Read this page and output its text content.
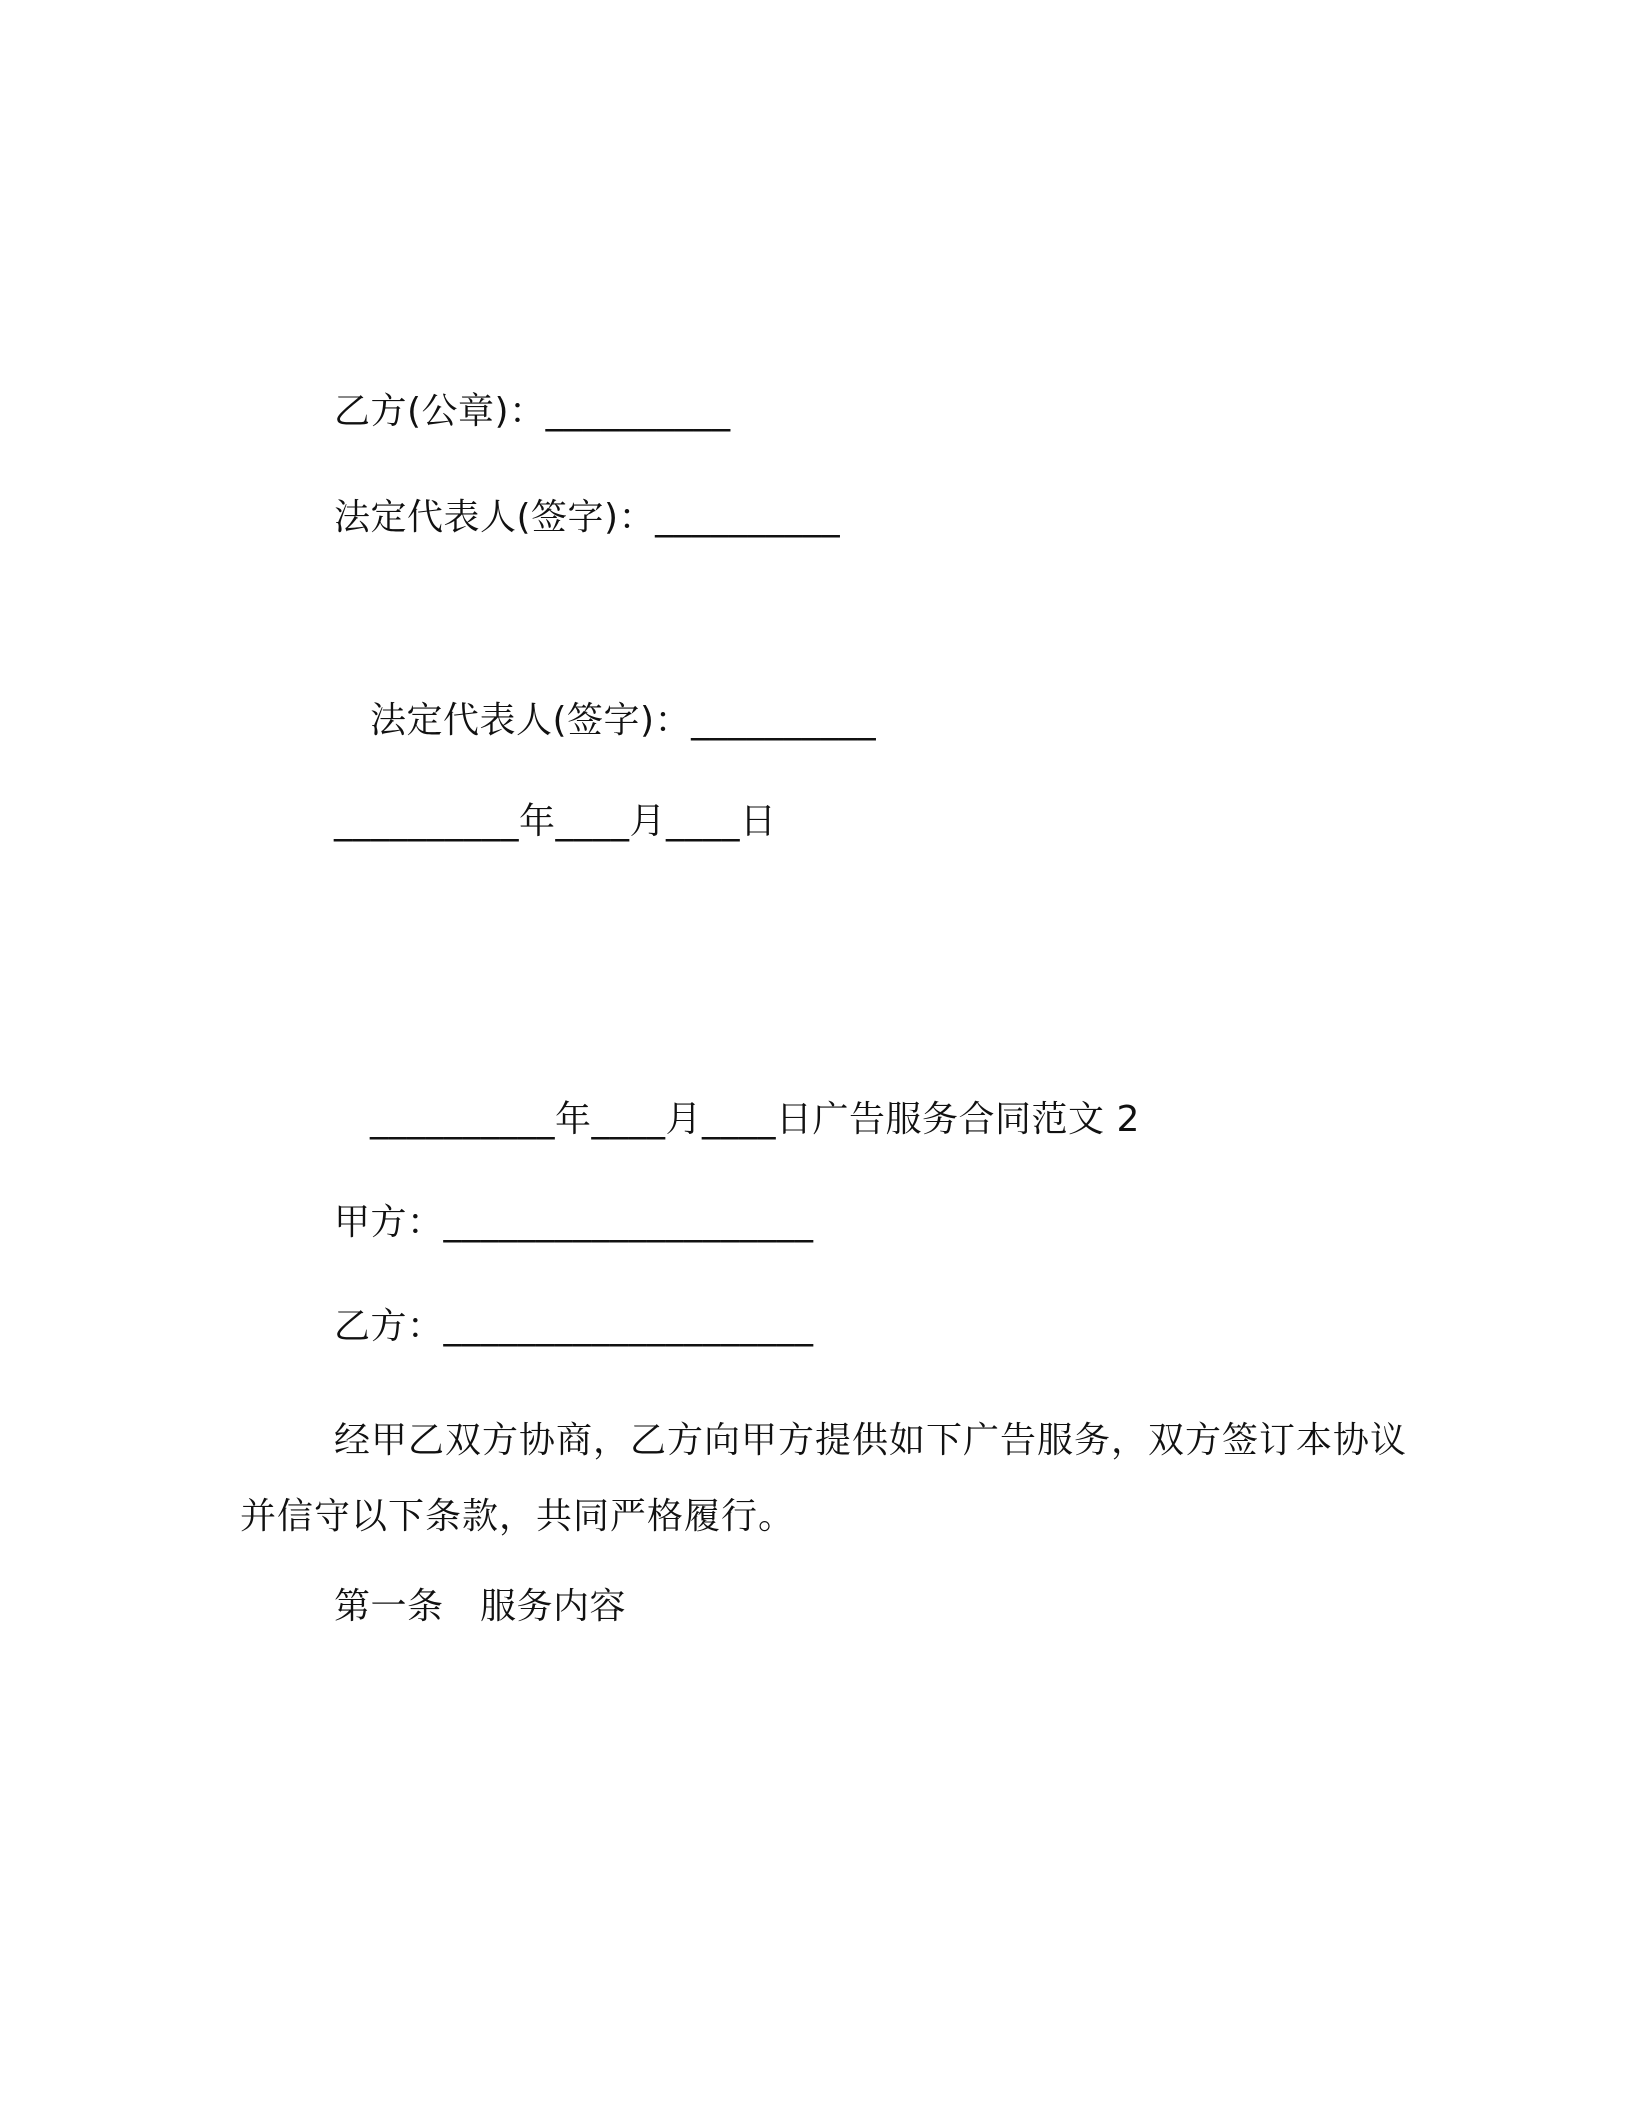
乙方(公章)：__________
法定代表人(签字)：__________
法定代表人(签字)：__________
__________年____月____日
__________年____月____日广告服务合同范文 2
甲方：____________________
乙方：____________________
经甲乙双方协商，乙方向甲方提供如下广告服务，双方签订本协议并信守以下条款，共同严格履行。
第一条　服务内容
